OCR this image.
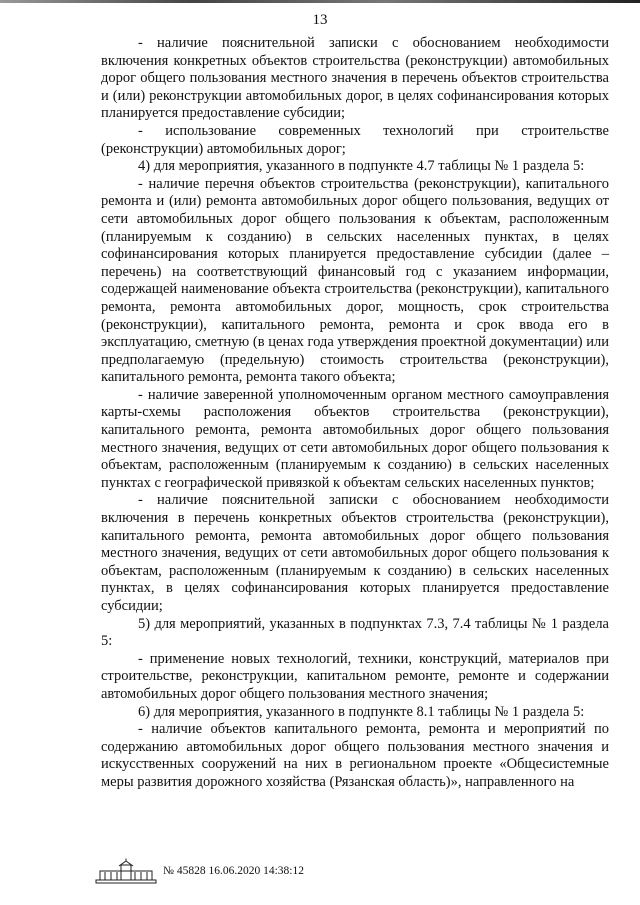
13

- наличие пояснительной записки с обоснованием необходимости включения конкретных объектов строительства (реконструкции) автомобильных дорог общего пользования местного значения в перечень объектов строительства и (или) реконструкции автомобильных дорог, в целях софинансирования которых планируется предоставление субсидии;

- использование современных технологий при строительстве (реконструкции) автомобильных дорог;

4) для мероприятия, указанного в подпункте 4.7 таблицы № 1 раздела 5:

- наличие перечня объектов строительства (реконструкции), капитального ремонта и (или) ремонта автомобильных дорог общего пользования, ведущих от сети автомобильных дорог общего пользования к объектам, расположенным (планируемым к созданию) в сельских населенных пунктах, в целях софинансирования которых планируется предоставление субсидии (далее – перечень) на соответствующий финансовый год с указанием информации, содержащей наименование объекта строительства (реконструкции), капитального ремонта, ремонта автомобильных дорог, мощность, срок строительства (реконструкции), капитального ремонта, ремонта и срок ввода его в эксплуатацию, сметную (в ценах года утверждения проектной документации) или предполагаемую (предельную) стоимость строительства (реконструкции), капитального ремонта, ремонта такого объекта;

- наличие заверенной уполномоченным органом местного самоуправления карты-схемы расположения объектов строительства (реконструкции), капитального ремонта, ремонта автомобильных дорог общего пользования местного значения, ведущих от сети автомобильных дорог общего пользования к объектам, расположенным (планируемым к созданию) в сельских населенных пунктах с географической привязкой к объектам сельских населенных пунктов;

- наличие пояснительной записки с обоснованием необходимости включения в перечень конкретных объектов строительства (реконструкции), капитального ремонта, ремонта автомобильных дорог общего пользования местного значения, ведущих от сети автомобильных дорог общего пользования к объектам, расположенным (планируемым к созданию) в сельских населенных пунктах, в целях софинансирования которых планируется предоставление субсидии;

5) для мероприятий, указанных в подпунктах 7.3, 7.4 таблицы № 1 раздела 5:

- применение новых технологий, техники, конструкций, материалов при строительстве, реконструкции, капитальном ремонте, ремонте и содержании автомобильных дорог общего пользования местного значения;

6) для мероприятия, указанного в подпункте 8.1 таблицы № 1 раздела 5:

- наличие объектов капитального ремонта, ремонта и мероприятий по содержанию автомобильных дорог общего пользования местного значения и искусственных сооружений на них в региональном проекте «Общесистемные меры развития дорожного хозяйства (Рязанская область)», направленного на

№ 45828 16.06.2020 14:38:12
